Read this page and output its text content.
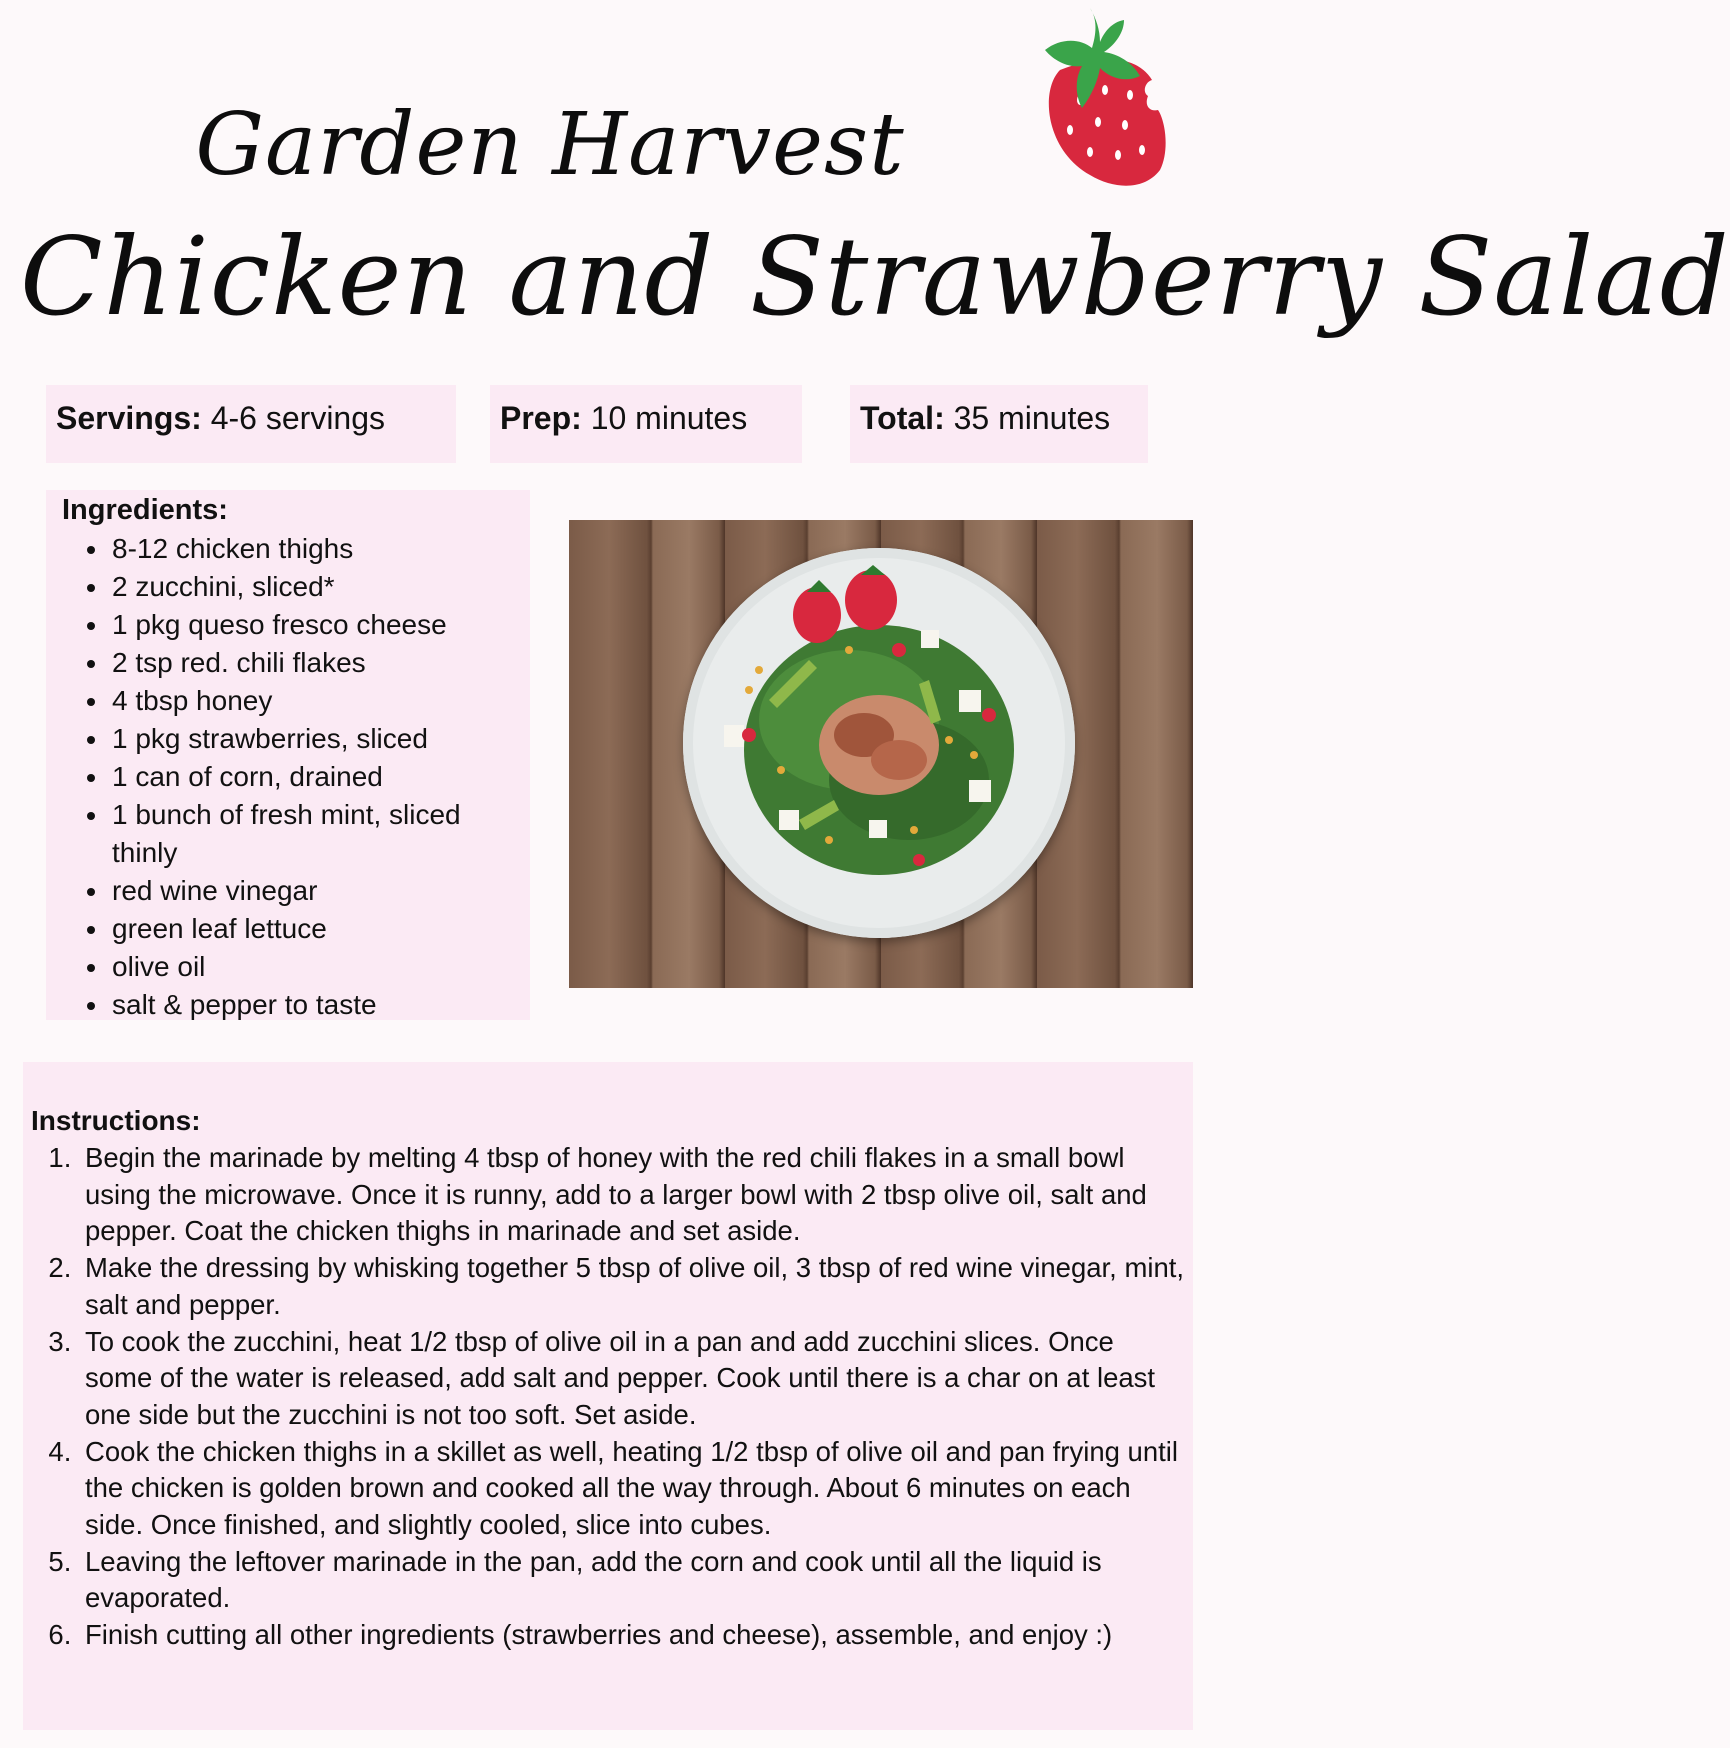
Garden Harvest
Chicken and Strawberry Salad
Servings: 4-6 servings	Prep: 10 minutes	Total: 35 minutes
Ingredients:
• 8-12 chicken thighs
• 2 zucchini, sliced*
• 1 pkg queso fresco cheese
• 2 tsp red. chili flakes
• 4 tbsp honey
• 1 pkg strawberries, sliced
• 1 can of corn, drained
• 1 bunch of fresh mint, sliced thinly
• red wine vinegar
• green leaf lettuce
• olive oil
• salt & pepper to taste
Instructions:
1. Begin the marinade by melting 4 tbsp of honey with the red chili flakes in a small bowl using the microwave. Once it is runny, add to a larger bowl with 2 tbsp olive oil, salt and pepper. Coat the chicken thighs in marinade and set aside.
2. Make the dressing by whisking together 5 tbsp of olive oil, 3 tbsp of red wine vinegar, mint, salt and pepper.
3. To cook the zucchini, heat 1/2 tbsp of olive oil in a pan and add zucchini slices. Once some of the water is released, add salt and pepper. Cook until there is a char on at least one side but the zucchini is not too soft. Set aside.
4. Cook the chicken thighs in a skillet as well, heating 1/2 tbsp of olive oil and pan frying until the chicken is golden brown and cooked all the way through. About 6 minutes on each side. Once finished, and slightly cooled, slice into cubes.
5. Leaving the leftover marinade in the pan, add the corn and cook until all the liquid is evaporated.
6. Finish cutting all other ingredients (strawberries and cheese), assemble, and enjoy :)
